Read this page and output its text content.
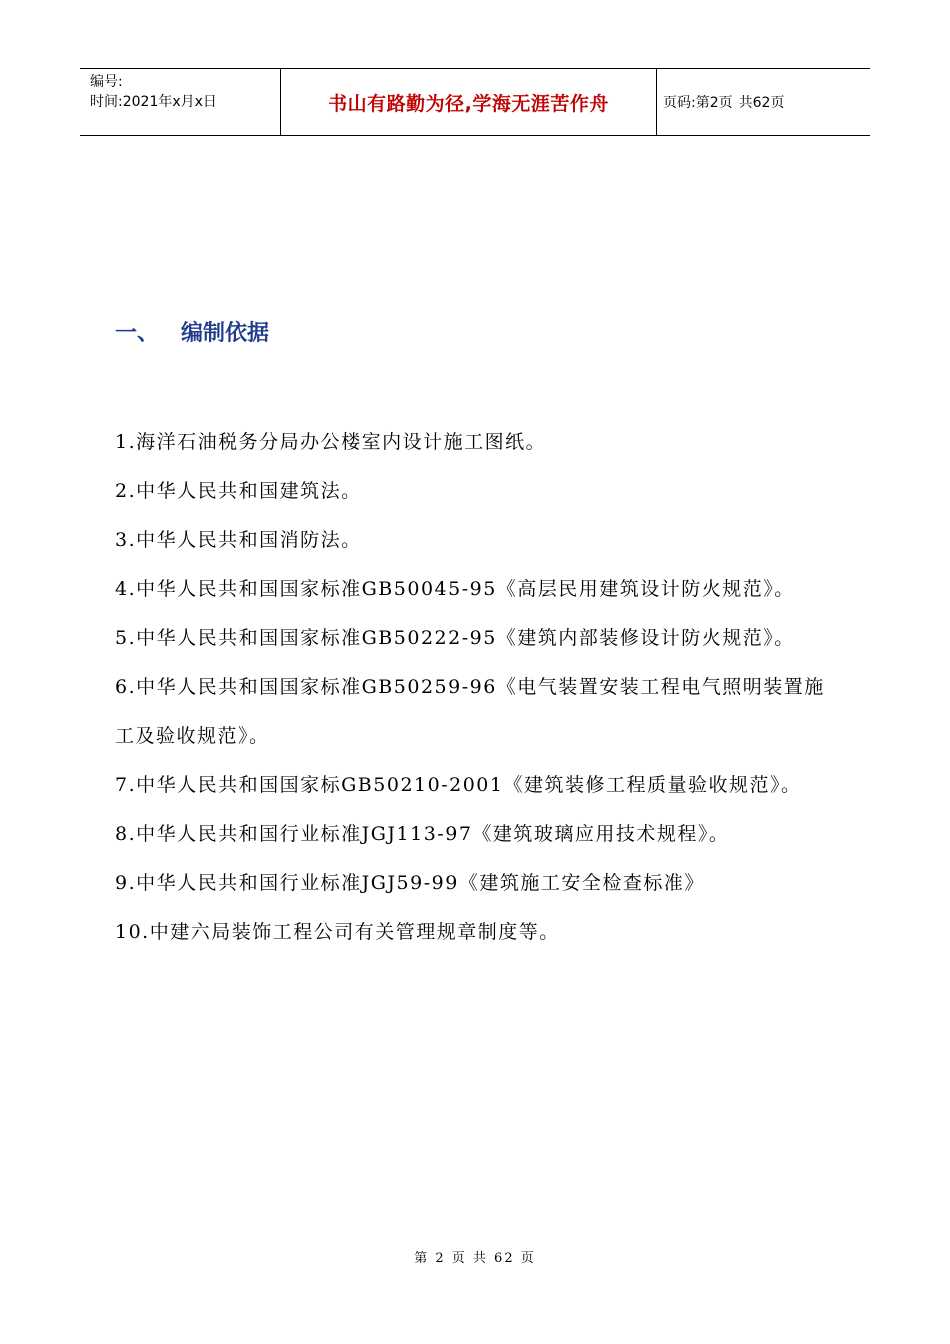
编号:
时间:2021年x月x日	书山有路勤为径,学海无涯苦作舟	页码:第2页 共62页
一、 编制依据
1.海洋石油税务分局办公楼室内设计施工图纸。
2.中华人民共和国建筑法。
3.中华人民共和国消防法。
4.中华人民共和国国家标准GB50045-95《高层民用建筑设计防火规范》。
5.中华人民共和国国家标准GB50222-95《建筑内部装修设计防火规范》。
6.中华人民共和国国家标准GB50259-96《电气装置安装工程电气照明装置施工及验收规范》。
7.中华人民共和国国家标GB50210-2001《建筑装修工程质量验收规范》。
8.中华人民共和国行业标准JGJ113-97《建筑玻璃应用技术规程》。
9.中华人民共和国行业标准JGJ59-99《建筑施工安全检查标准》
10.中建六局装饰工程公司有关管理规章制度等。
第 2 页 共 62 页
